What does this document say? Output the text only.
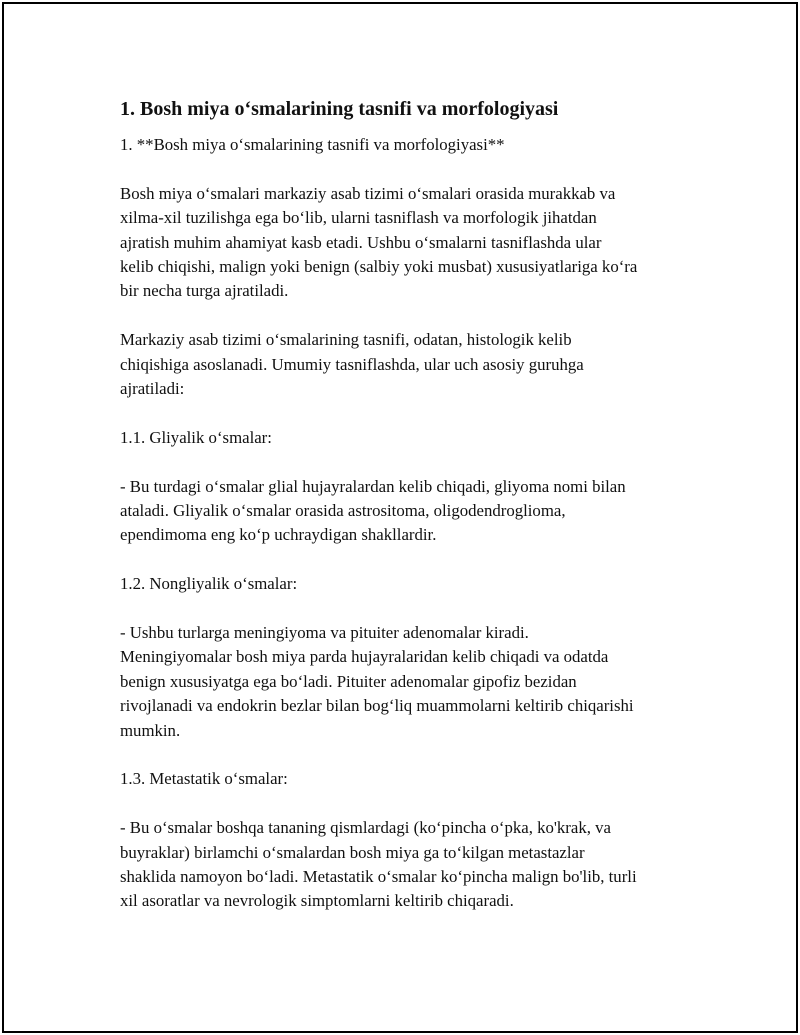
1. Bosh miya o‘smalarining tasnifi va morfologiyasi

1. **Bosh miya o‘smalarining tasnifi va morfologiyasi**

Bosh miya o‘smalari markaziy asab tizimi o‘smalari orasida murakkab va
xilma-xil tuzilishga ega bo‘lib, ularni tasniflash va morfologik jihatdan
ajratish muhim ahamiyat kasb etadi. Ushbu o‘smalarni tasniflashda ular
kelib chiqishi, malign yoki benign (salbiy yoki musbat) xususiyatlariga ko‘ra
bir necha turga ajratiladi.

Markaziy asab tizimi o‘smalarining tasnifi, odatan, histologik kelib
chiqishiga asoslanadi. Umumiy tasniflashda, ular uch asosiy guruhga
ajratiladi:

1.1. Gliyalik o‘smalar:

- Bu turdagi o‘smalar glial hujayralardan kelib chiqadi, gliyoma nomi bilan
ataladi. Gliyalik o‘smalar orasida astrositoma, oligodendroglioma,
ependimoma eng ko‘p uchraydigan shakllardir.

1.2. Nongliyalik o‘smalar:

- Ushbu turlarga meningiyoma va pituiter adenomalar kiradi.
Meningiyomalar bosh miya parda hujayralaridan kelib chiqadi va odatda
benign xususiyatga ega bo‘ladi. Pituiter adenomalar gipofiz bezidan
rivojlanadi va endokrin bezlar bilan bog‘liq muammolarni keltirib chiqarishi
mumkin.

1.3. Metastatik o‘smalar:

- Bu o‘smalar boshqa tananing qismlardagi (ko‘pincha o‘pka, ko'krak, va
buyraklar) birlamchi o‘smalardan bosh miya ga to‘kilgan metastazlar
shaklida namoyon bo‘ladi. Metastatik o‘smalar ko‘pincha malign bo'lib, turli
xil asoratlar va nevrologik simptomlarni keltirib chiqaradi.
